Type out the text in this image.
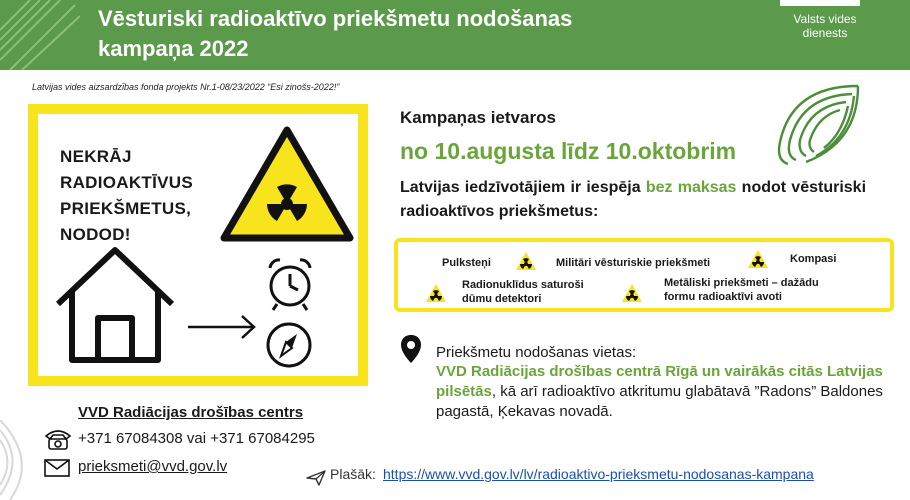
Vēsturiski radioaktīvo priekšmetu nodošanas
kampaņa 2022
Valsts vides
dienests
Latvijas vides aizsardzības fonda projekts Nr.1-08/23/2022 “Esi zinošs-2022!”
NEKRĀJ
RADIOAKTĪVUS
PRIEKŠMETUS,
NODOD!
VVD Radiācijas drošības centrs
+371 67084308 vai +371 67084295
prieksmeti@vvd.gov.lv
Kampaņas ietvaros
no 10.augusta līdz 10.oktobrim
Latvijas iedzīvotājiem ir iespēja bez maksas nodot vēsturiski radioaktīvos priekšmetus:
Pulksteņi	Militāri vēsturiskie priekšmeti	Kompasi
Radionuklīdus saturoši
dūmu detektori
Metāliski priekšmeti – dažādu
formu radioaktīvi avoti
Priekšmetu nodošanas vietas:
VVD Radiācijas drošības centrā Rīgā un vairākās citās Latvijas pilsētās, kā arī radioaktīvo atkritumu glabātavā ”Radons” Baldones pagastā, Ķekavas novadā.
Plašāk: https://www.vvd.gov.lv/lv/radioaktivo-prieksmetu-nodosanas-kampana
